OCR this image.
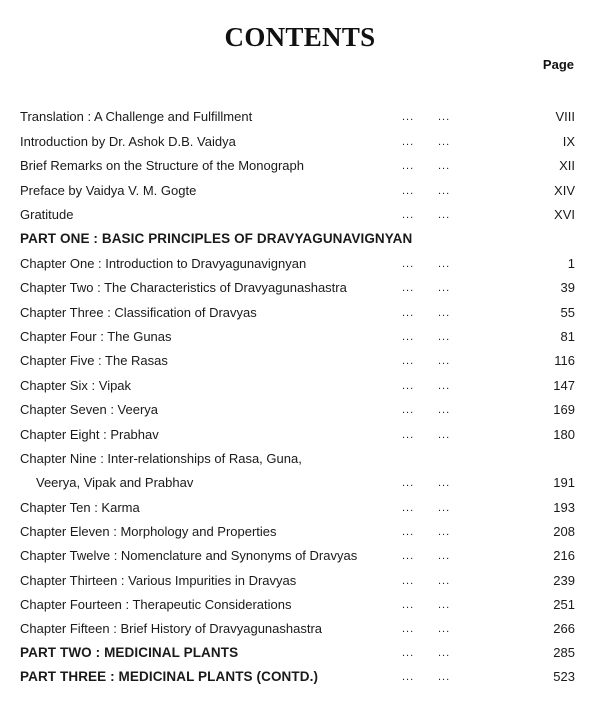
CONTENTS
Page
Translation : A Challenge and Fulfillment	... ...	VIII
Introduction by Dr. Ashok D.B. Vaidya	... ...	IX
Brief Remarks on the Structure of the Monograph	... ...	XII
Preface by Vaidya V. M. Gogte	... ...	XIV
Gratitude	... ...	XVI
PART ONE : BASIC PRINCIPLES OF DRAVYAGUNAVIGNYAN
Chapter One : Introduction to Dravyagunavignyan	... ...	1
Chapter Two : The Characteristics of Dravyagunashastra	... ...	39
Chapter Three : Classification of Dravyas	... ...	55
Chapter Four : The Gunas	... ...	81
Chapter Five : The Rasas	... ...	116
Chapter Six : Vipak	... ...	147
Chapter Seven : Veerya	... ...	169
Chapter Eight : Prabhav	... ...	180
Chapter Nine : Inter-relationships of Rasa, Guna,
Veerya, Vipak and Prabhav	... ...	191
Chapter Ten : Karma	... ...	193
Chapter Eleven : Morphology and Properties	... ...	208
Chapter Twelve : Nomenclature and Synonyms of Dravyas	... ...	216
Chapter Thirteen : Various Impurities in Dravyas	... ...	239
Chapter Fourteen : Therapeutic Considerations	... ...	251
Chapter Fifteen : Brief History of Dravyagunashastra	... ...	266
PART TWO : MEDICINAL PLANTS	... ...	285
PART THREE : MEDICINAL PLANTS (CONTD.)	... ...	523
